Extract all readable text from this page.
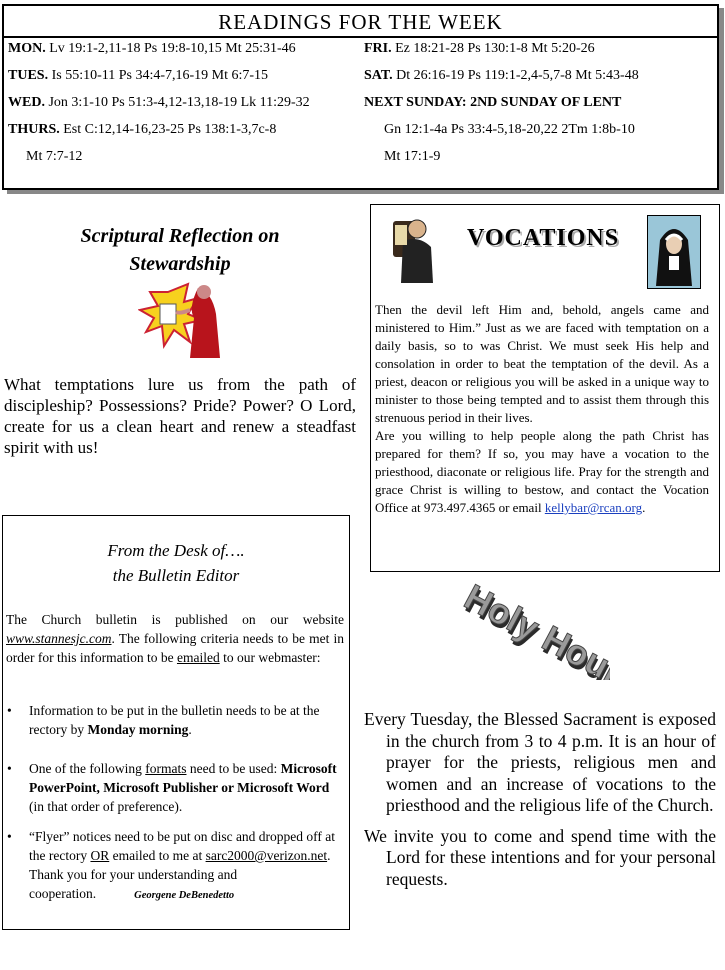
READINGS FOR THE WEEK
MON. Lv 19:1-2,11-18 Ps 19:8-10,15 Mt 25:31-46
TUES. Is 55:10-11 Ps 34:4-7,16-19 Mt 6:7-15
WED. Jon 3:1-10 Ps 51:3-4,12-13,18-19 Lk 11:29-32
THURS. Est C:12,14-16,23-25 Ps 138:1-3,7c-8
Mt 7:7-12
FRI. Ez 18:21-28 Ps 130:1-8 Mt 5:20-26
SAT. Dt 26:16-19 Ps 119:1-2,4-5,7-8 Mt 5:43-48
NEXT SUNDAY: 2ND SUNDAY OF LENT
Gn 12:1-4a Ps 33:4-5,18-20,22 2Tm 1:8b-10
Mt 17:1-9
Scriptural Reflection on
Stewardship
What temptations lure us from the path of discipleship? Possessions? Pride? Power? O Lord, create for us a clean heart and renew a steadfast spirit with us!
VOCATIONS
Then the devil left Him and, behold, angels came and ministered to Him.” Just as we are faced with temptation on a daily basis, so to was Christ. We must seek His help and consolation in order to beat the temptation of the devil. As a priest, deacon or religious you will be asked in a unique way to minister to those being tempted and to assist them through this strenuous period in their lives.
Are you willing to help people along the path Christ has prepared for them? If so, you may have a vocation to the priesthood, diaconate or religious life. Pray for the strength and grace Christ is willing to bestow, and contact the Vocation Office at 973.497.4365 or email kellybar@rcan.org.
From the Desk of….
the Bulletin Editor
The Church bulletin is published on our website www.stannesjc.com. The following criteria needs to be met in order for this information to be emailed to our webmaster:
• Information to be put in the bulletin needs to be at the rectory by Monday morning.
• One of the following formats need to be used: Microsoft PowerPoint, Microsoft Publisher or Microsoft Word (in that order of preference).
• “Flyer” notices need to be put on disc and dropped off at the rectory OR emailed to me at sarc2000@verizon.net.
Thank you for your understanding and cooperation.	Georgene DeBenedetto
Holy Hour
Holy Hour

Every Tuesday, the Blessed Sacrament is exposed in the church from 3 to 4 p.m. It is an hour of prayer for the priests, religious men and women and an increase of vocations to the priesthood and the religious life of the Church.

We invite you to come and spend time with the Lord for these intentions and for your personal requests.
